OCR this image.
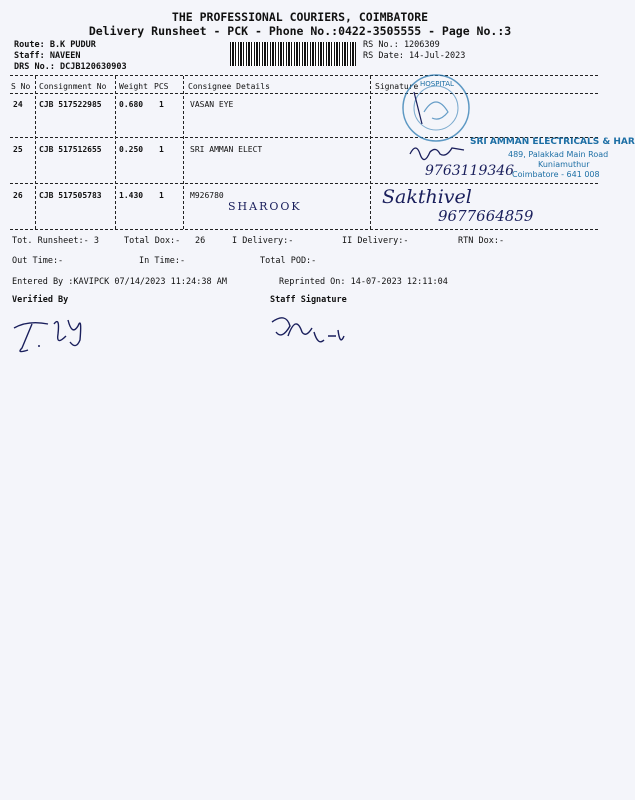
THE PROFESSIONAL COURIERS, COIMBATORE
Delivery Runsheet - PCK - Phone No.:0422-3505555 - Page No.:3
Route: B.K PUDUR
Staff: NAVEEN
DRS No.: DCJB120630903
RS No.: 1206309
RS Date: 14-Jul-2023
S No Consignment No Weight PCS Consignee Details	Signature
24 CJB 517522985 0.680 1	VASAN EYE
25 CJB 517512655 0.250 1	SRI AMMAN ELECT
26 CJB 517505783 1.430 1	M926780
HOSPITAL
9763119346
SRI AMMAN ELECTRICALS & HAR
489, Palakkad Main Road
Kuniamuthur
Coimbatore - 641 008
SHAROOK	Sakthivel
9677664859
Tot. Runsheet:- 3	Total Dox:- 26	I Delivery:-	II Delivery:-	RTN Dox:-
Out Time:-	In Time:-	Total POD:-
Entered By :KAVIPCK 07/14/2023 11:24:38 AM	Reprinted On: 14-07-2023 12:11:04
Verified By	Staff Signature
